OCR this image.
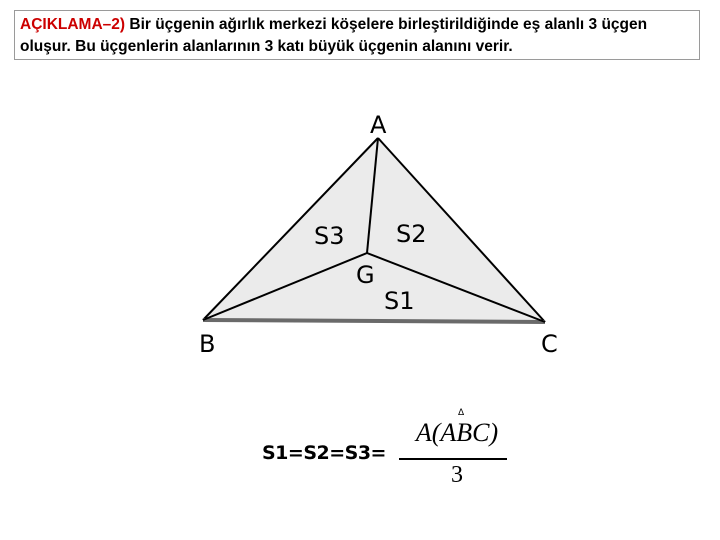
AÇIKLAMA–2) Bir üçgenin ağırlık merkezi köşelere birleştirildiğinde eş alanlı 3 üçgen oluşur. Bu üçgenlerin alanlarının 3 katı büyük üçgenin alanını verir.
A
B	C
G
S1
S2
S3
S1=S2=S3=
Δ
A(ABC)
3
